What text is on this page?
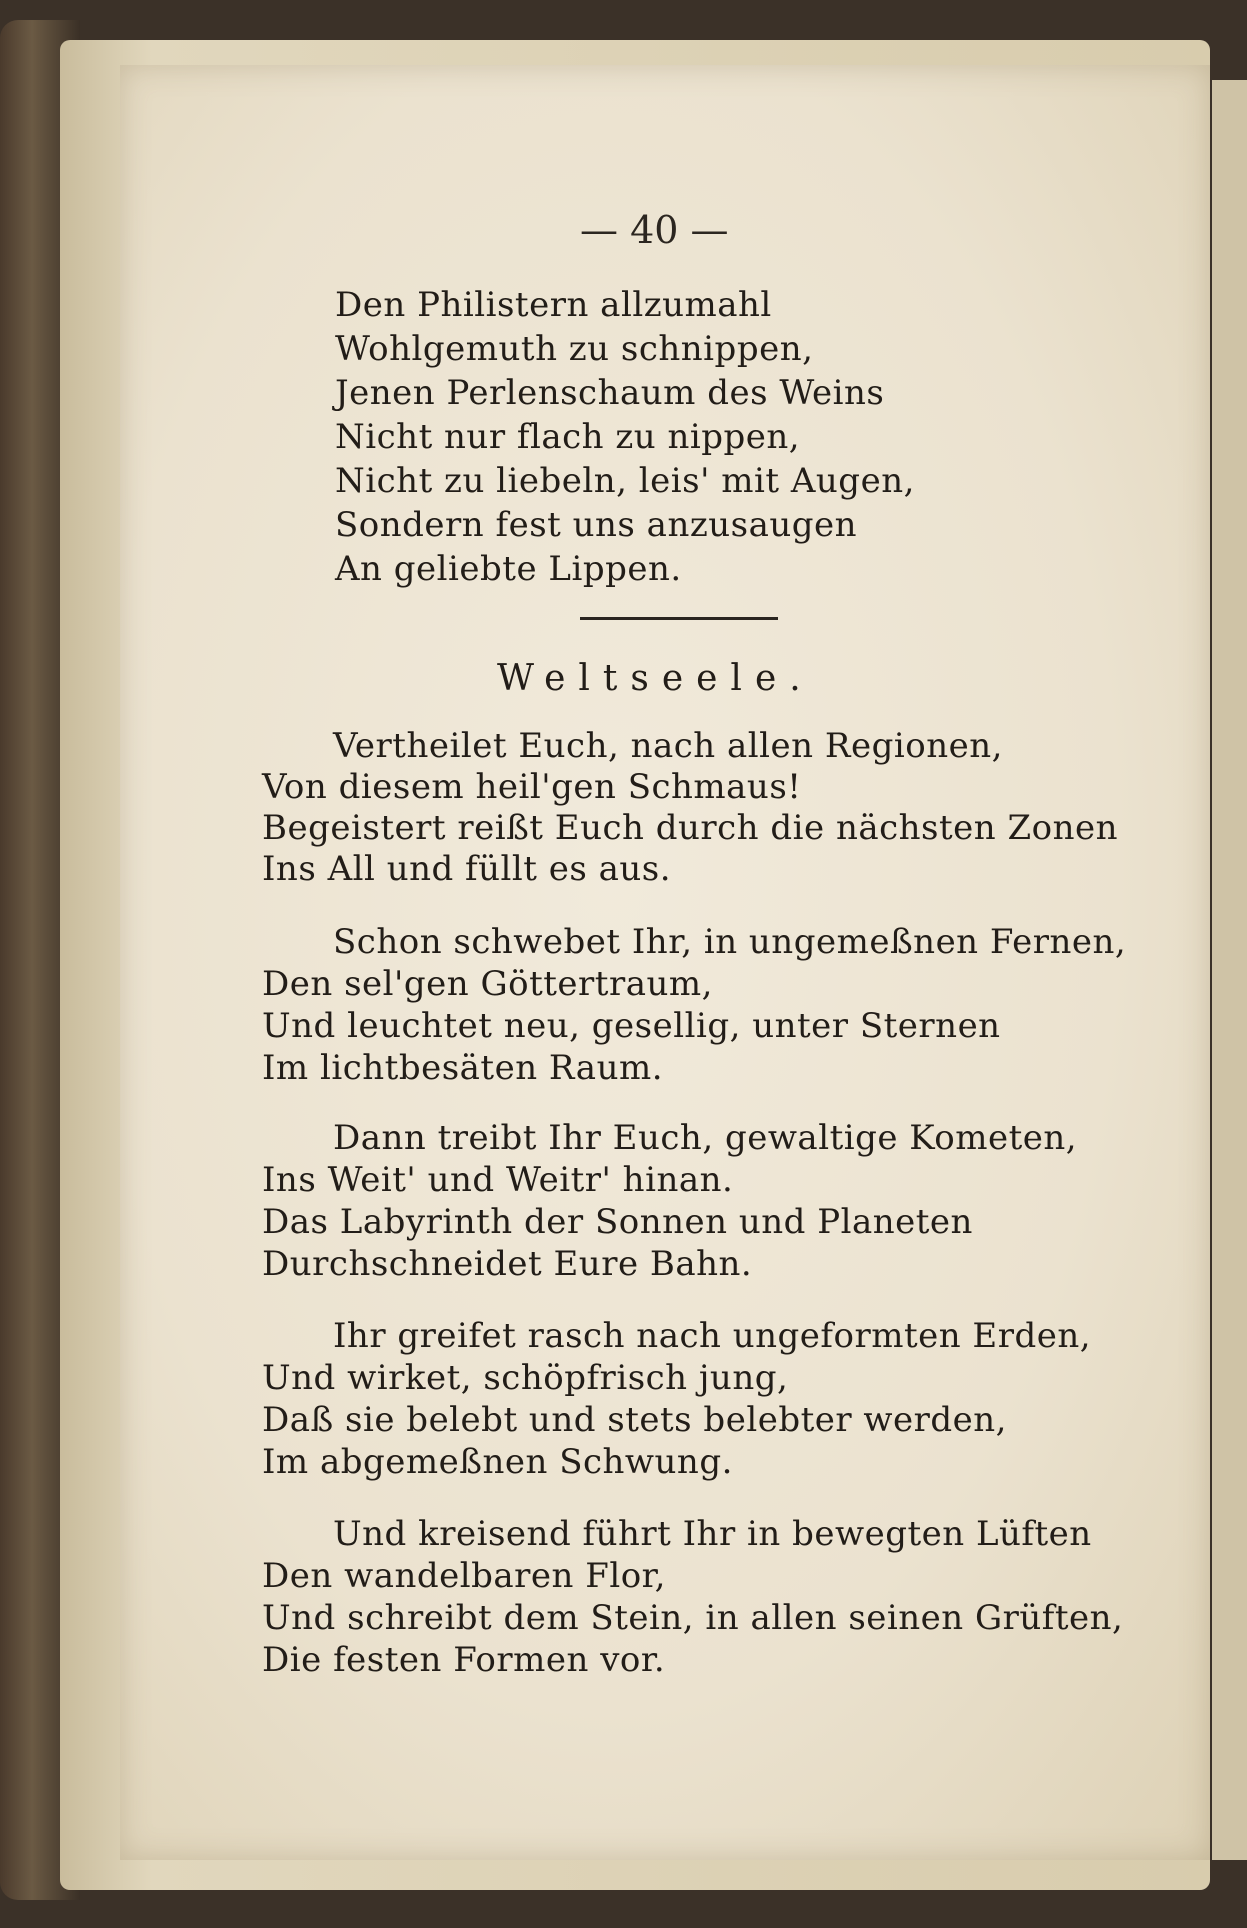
— 40 —
Den Philistern allzumahl
Wohlgemuth zu schnippen,
Jenen Perlenschaum des Weins
Nicht nur flach zu nippen,
Nicht zu liebeln, leis' mit Augen,
Sondern fest uns anzusaugen
An geliebte Lippen.
Weltseele.
Vertheilet Euch, nach allen Regionen,
Von diesem heil'gen Schmaus!
Begeistert reißt Euch durch die nächsten Zonen
Ins All und füllt es aus.
Schon schwebet Ihr, in ungemeßnen Fernen,
Den sel'gen Göttertraum,
Und leuchtet neu, gesellig, unter Sternen
Im lichtbesäten Raum.
Dann treibt Ihr Euch, gewaltige Kometen,
Ins Weit' und Weitr' hinan.
Das Labyrinth der Sonnen und Planeten
Durchschneidet Eure Bahn.
Ihr greifet rasch nach ungeformten Erden,
Und wirket, schöpfrisch jung,
Daß sie belebt und stets belebter werden,
Im abgemeßnen Schwung.
Und kreisend führt Ihr in bewegten Lüften
Den wandelbaren Flor,
Und schreibt dem Stein, in allen seinen Grüften,
Die festen Formen vor.
